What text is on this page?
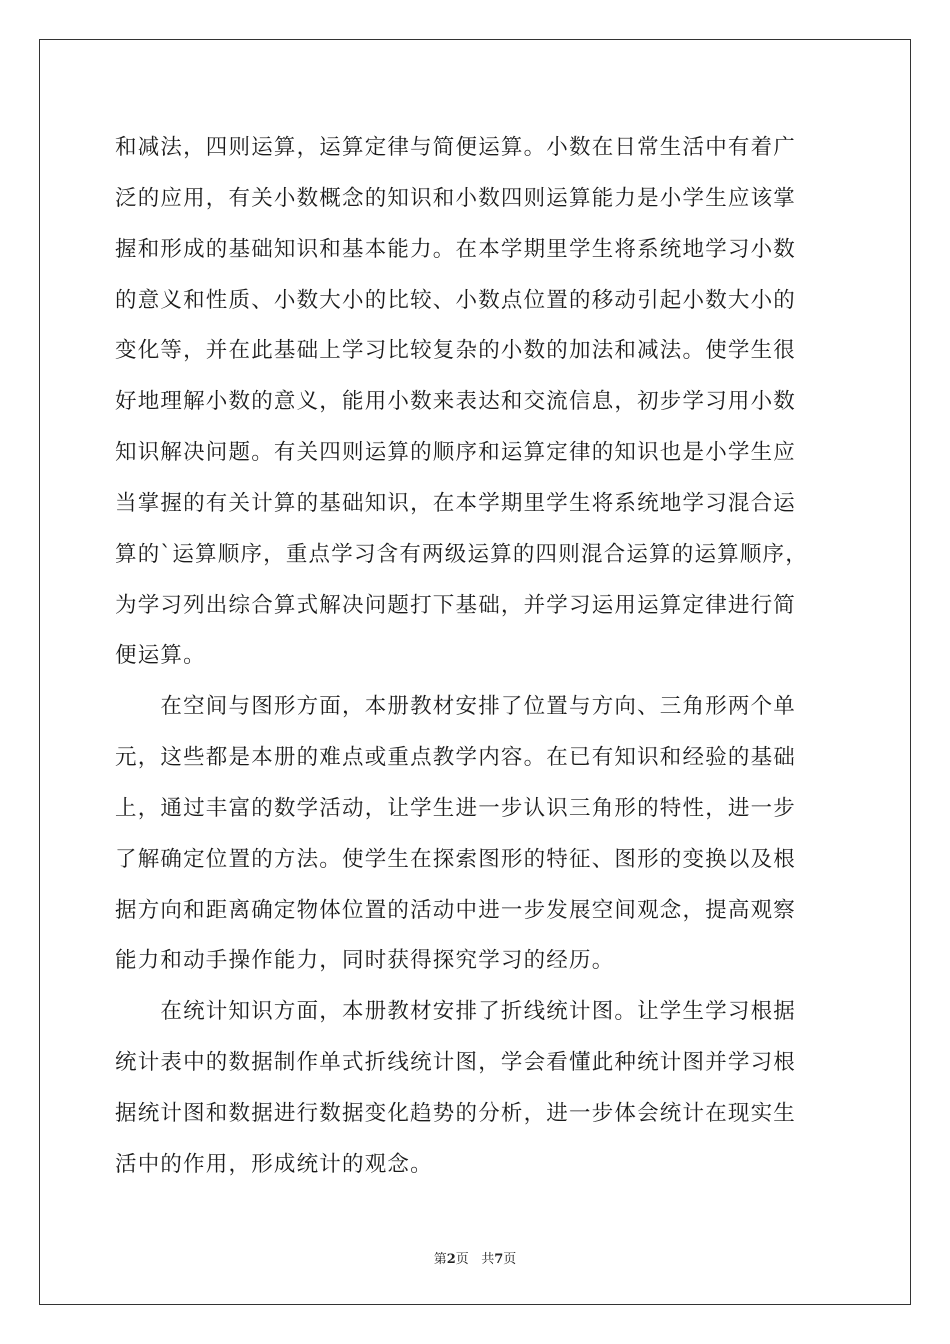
和减法，四则运算，运算定律与简便运算。小数在日常生活中有着广
泛的应用，有关小数概念的知识和小数四则运算能力是小学生应该掌
握和形成的基础知识和基本能力。在本学期里学生将系统地学习小数
的意义和性质、小数大小的比较、小数点位置的移动引起小数大小的
变化等，并在此基础上学习比较复杂的小数的加法和减法。使学生很
好地理解小数的意义，能用小数来表达和交流信息，初步学习用小数
知识解决问题。有关四则运算的顺序和运算定律的知识也是小学生应
当掌握的有关计算的基础知识，在本学期里学生将系统地学习混合运
算的`运算顺序，重点学习含有两级运算的四则混合运算的运算顺序，
为学习列出综合算式解决问题打下基础，并学习运用运算定律进行简
便运算。
　　在空间与图形方面，本册教材安排了位置与方向、三角形两个单
元，这些都是本册的难点或重点教学内容。在已有知识和经验的基础
上，通过丰富的数学活动，让学生进一步认识三角形的特性，进一步
了解确定位置的方法。使学生在探索图形的特征、图形的变换以及根
据方向和距离确定物体位置的活动中进一步发展空间观念，提高观察
能力和动手操作能力，同时获得探究学习的经历。
　　在统计知识方面，本册教材安排了折线统计图。让学生学习根据
统计表中的数据制作单式折线统计图，学会看懂此种统计图并学习根
据统计图和数据进行数据变化趋势的分析，进一步体会统计在现实生
活中的作用，形成统计的观念。
第2页   共7页
